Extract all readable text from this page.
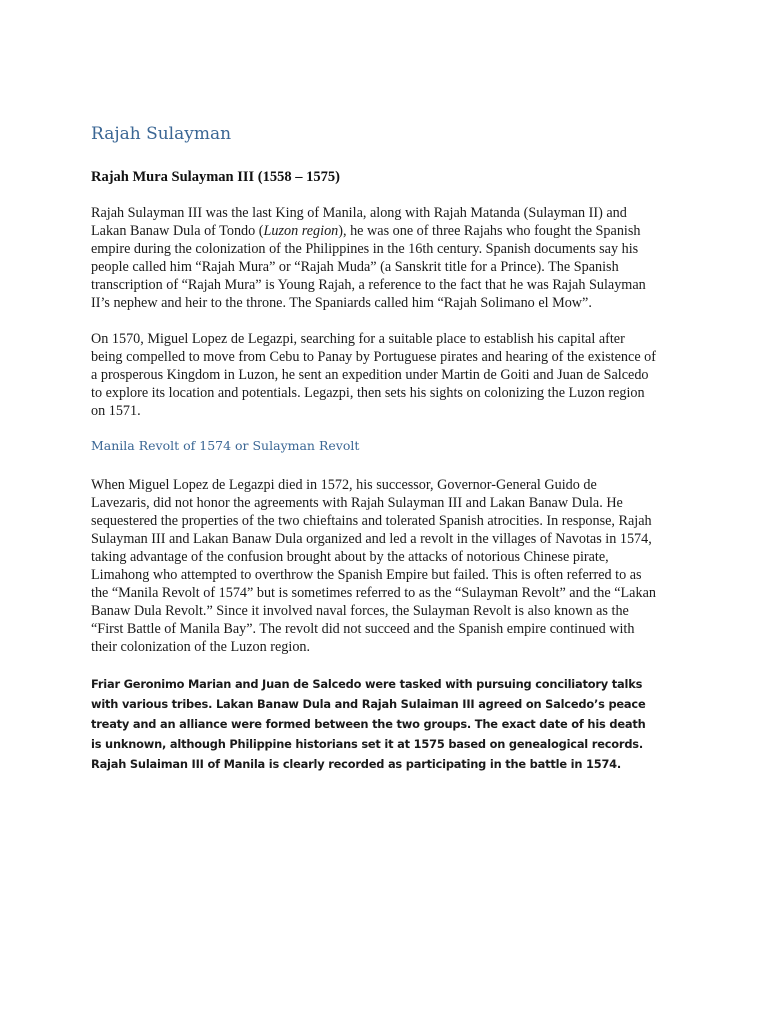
Rajah Sulayman

Rajah Mura Sulayman III (1558 – 1575)

Rajah Sulayman III was the last King of Manila, along with Rajah Matanda (Sulayman II) and Lakan Banaw Dula of Tondo (Luzon region), he was one of three Rajahs who fought the Spanish empire during the colonization of the Philippines in the 16th century. Spanish documents say his people called him “Rajah Mura” or “Rajah Muda” (a Sanskrit title for a Prince). The Spanish transcription of “Rajah Mura” is Young Rajah, a reference to the fact that he was Rajah Sulayman II’s nephew and heir to the throne. The Spaniards called him “Rajah Solimano el Mow”.

On 1570, Miguel Lopez de Legazpi, searching for a suitable place to establish his capital after being compelled to move from Cebu to Panay by Portuguese pirates and hearing of the existence of a prosperous Kingdom in Luzon, he sent an expedition under Martin de Goiti and Juan de Salcedo to explore its location and potentials. Legazpi, then sets his sights on colonizing the Luzon region on 1571.

Manila Revolt of 1574 or Sulayman Revolt

When Miguel Lopez de Legazpi died in 1572, his successor, Governor-General Guido de Lavezaris, did not honor the agreements with Rajah Sulayman III and Lakan Banaw Dula. He sequestered the properties of the two chieftains and tolerated Spanish atrocities. In response, Rajah Sulayman III and Lakan Banaw Dula organized and led a revolt in the villages of Navotas in 1574, taking advantage of the confusion brought about by the attacks of notorious Chinese pirate, Limahong who attempted to overthrow the Spanish Empire but failed. This is often referred to as the “Manila Revolt of 1574” but is sometimes referred to as the “Sulayman Revolt” and the “Lakan Banaw Dula Revolt.” Since it involved naval forces, the Sulayman Revolt is also known as the “First Battle of Manila Bay”. The revolt did not succeed and the Spanish empire continued with their colonization of the Luzon region.

Friar Geronimo Marian and Juan de Salcedo were tasked with pursuing conciliatory talks with various tribes. Lakan Banaw Dula and Rajah Sulaiman III agreed on Salcedo’s peace treaty and an alliance were formed between the two groups. The exact date of his death is unknown, although Philippine historians set it at 1575 based on genealogical records. Rajah Sulaiman III of Manila is clearly recorded as participating in the battle in 1574.
